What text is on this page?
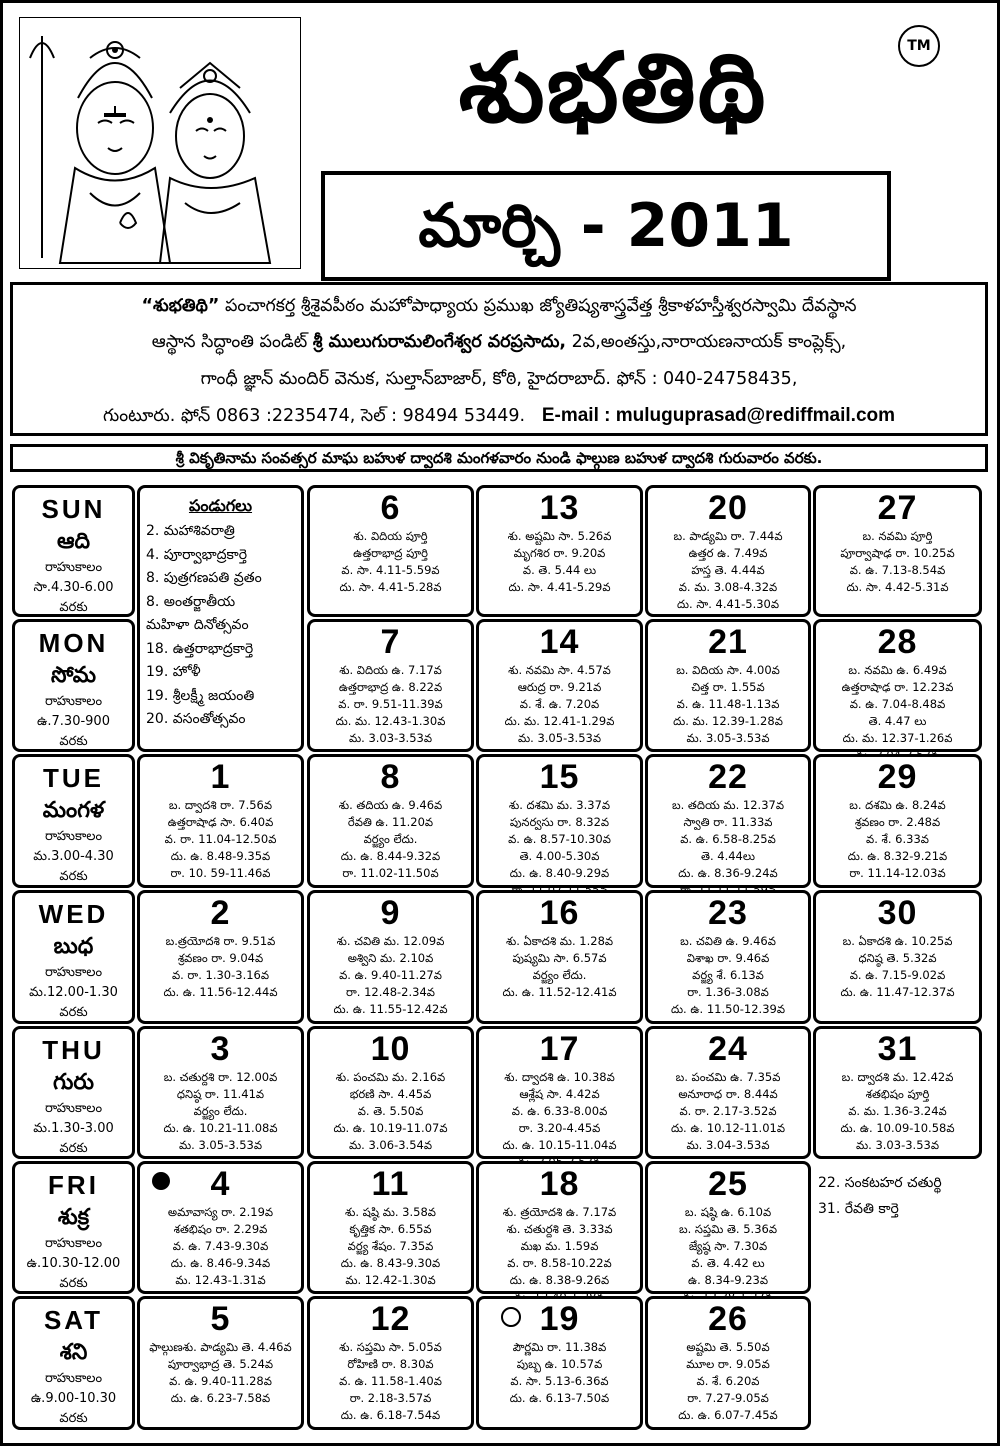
శుభతిథి	TM
మార్చి - 2011
“శుభతిథి” పంచాగకర్త శ్రీశైవపీఠం మహోపాధ్యాయ ప్రముఖ జ్యోతిష్యశాస్త్రవేత్త శ్రీకాళహస్తీశ్వరస్వామి దేవస్థాన
ఆస్థాన సిద్ధాంతి పండిట్ శ్రీ ములుగురామలింగేశ్వర వరప్రసాదు, 2వ,అంతస్తు,నారాయణనాయక్ కాంప్లెక్స్,
గాంధీ జ్ఞాన్ మందిర్ వెనుక, సుల్తాన్‌బాజార్, కోఠి, హైదరాబాద్. ఫోన్ : 040-24758435,
గుంటూరు. ఫోన్ 0863 :2235474, సెల్ : 98494 53449. E-mail : muluguprasad@rediffmail.com
శ్రీ వికృతినామ సంవత్సర మాఘ బహుళ ద్వాదశి మంగళవారం నుండి ఫాల్గుణ బహుళ ద్వాదశి గురువారం వరకు.
SUN
ఆది
రాహుకాలం
సా.4.30-6.00
వరకు
MON
సోమ
రాహుకాలం
ఉ.7.30-900
వరకు
TUE
మంగళ
రాహుకాలం
మ.3.00-4.30
వరకు
WED
బుధ
రాహుకాలం
మ.12.00-1.30
వరకు
THU
గురు
రాహుకాలం
మ.1.30-3.00
వరకు
FRI
శుక్ర
రాహుకాలం
ఉ.10.30-12.00
వరకు
SAT
శని
రాహుకాలం
ఉ.9.00-10.30
వరకు
పండుగలు
2. మహాశివరాత్రి
4. పూర్వాభాద్రకార్తె
8. పుత్రగణపతి వ్రతం
8. అంతర్జాతీయ
మహిళా దినోత్సవం
18. ఉత్తరాభాద్రకార్తె
19. హోళీ
19. శ్రీలక్ష్మీ జయంతి
20. వసంతోత్సవం
22. సంకటహర చతుర్థి
31. రేవతి కార్తె
6
శు. విదియ పూర్తి
ఉత్తరాభాద్ర పూర్తి
వ. సా. 4.11-5.59వ
దు. సా. 4.41-5.28వ
13
శు. అష్టమి సా. 5.26వ
మృగశిర రా. 9.20వ
వ. తె. 5.44 లు
దు. సా. 4.41-5.29వ
20
బ. పాడ్యమి రా. 7.44వ
ఉత్తర ఉ. 7.49వ
హస్త తె. 4.44వ
వ. మ. 3.08-4.32వ
దు. సా. 4.41-5.30వ
27
బ. నవమి పూర్తి
పూర్వాషాఢ రా. 10.25వ
వ. ఉ. 7.13-8.54వ
దు. సా. 4.42-5.31వ
7
శు. విదియ ఉ. 7.17వ
ఉత్తరాభాద్ర ఉ. 8.22వ
వ. రా. 9.51-11.39వ
దు. మ. 12.43-1.30వ
మ. 3.03-3.53వ
14
శు. నవమి సా. 4.57వ
ఆరుద్ర రా. 9.21వ
వ. శే. ఉ. 7.20వ
దు. మ. 12.41-1.29వ
మ. 3.05-3.53వ
21
బ. విదియ సా. 4.00వ
చిత్త రా. 1.55వ
వ. ఉ. 11.48-1.13వ
దు. మ. 12.39-1.28వ
మ. 3.05-3.53వ
28
బ. నవమి ఉ. 6.49వ
ఉత్తరాషాఢ రా. 12.23వ
వ. ఉ. 7.04-8.48వ
తె. 4.47 లు
దు. మ. 12.37-1.26వ
1
బ. ద్వాదశి రా. 7.56వ
ఉత్తరాషాఢ సా. 6.40వ
వ. రా. 11.04-12.50వ
దు. ఉ. 8.48-9.35వ
రా. 10. 59-11.46వ
8
శు. తదియ ఉ. 9.46వ
రేవతి ఉ. 11.20వ
వర్జ్యం లేదు.
దు. ఉ. 8.44-9.32వ
రా. 11.02-11.50వ
15
శు. దశమి మ. 3.37వ
పునర్వసు రా. 8.32వ
వ. ఉ. 8.57-10.30వ
తె. 4.00-5.30వ
దు. ఉ. 8.40-9.29వ
22
బ. తదియ మ. 12.37వ
స్వాతి రా. 11.33వ
వ. ఉ. 6.58-8.25వ
తె. 4.44లు
దు. ఉ. 8.36-9.24వ
29
బ. దశమి ఉ. 8.24వ
శ్రవణం రా. 2.48వ
వ. శే. 6.33వ
దు. ఉ. 8.32-9.21వ
రా. 11.14-12.03వ
2
బ.త్రయోదశి రా. 9.51వ
శ్రవణం రా. 9.04వ
వ. రా. 1.30-3.16వ
దు. ఉ. 11.56-12.44వ
9
శు. చవితి మ. 12.09వ
అశ్విని మ. 2.10వ
వ. ఉ. 9.40-11.27వ
రా. 12.48-2.34వ
దు. ఉ. 11.55-12.42వ
16
శు. ఏకాదశి మ. 1.28వ
పుష్యమి సా. 6.57వ
వర్జ్యం లేదు.
దు. ఉ. 11.52-12.41వ
23
బ. చవితి ఉ. 9.46వ
విశాఖ రా. 9.46వ
వర్జ్య శే. 6.13వ
రా. 1.36-3.08వ
దు. ఉ. 11.50-12.39వ
30
బ. ఏకాదశి ఉ. 10.25వ
ధనిష్ఠ తె. 5.32వ
వ. ఉ. 7.15-9.02వ
దు. ఉ. 11.47-12.37వ
3
బ. చతుర్దశి రా. 12.00వ
ధనిష్ఠ రా. 11.41వ
వర్జ్యం లేదు.
దు. ఉ. 10.21-11.08వ
మ. 3.05-3.53వ
10
శు. పంచమి మ. 2.16వ
భరణి సా. 4.45వ
వ. తె. 5.50వ
దు. ఉ. 10.19-11.07వ
మ. 3.06-3.54వ
17
శు. ద్వాదశి ఉ. 10.38వ
ఆశ్లేష సా. 4.42వ
వ. ఉ. 6.33-8.00వ
రా. 3.20-4.45వ
దు. ఉ. 10.15-11.04వ
24
బ. పంచమి ఉ. 7.35వ
అనూరాధ రా. 8.44వ
వ. రా. 2.17-3.52వ
దు. ఉ. 10.12-11.01వ
మ. 3.04-3.53వ
31
బ. ద్వాదశి మ. 12.42వ
శతభిషం పూర్తి
వ. మ. 1.36-3.24వ
దు. ఉ. 10.09-10.58వ
మ. 3.03-3.53వ
4
అమావాస్య రా. 2.19వ
శతభిషం రా. 2.29వ
వ. ఉ. 7.43-9.30వ
దు. ఉ. 8.46-9.34వ
మ. 12.43-1.31వ
11
శు. షష్ఠి మ. 3.58వ
కృత్తిక సా. 6.55వ
వర్జ్య శేషం. 7.35వ
దు. ఉ. 8.43-9.30వ
మ. 12.42-1.30వ
18
శు. త్రయోదశి ఉ. 7.17వ
శు. చతుర్దశి తె. 3.33వ
మఖ మ. 1.59వ
వ. రా. 8.58-10.22వ
దు. ఉ. 8.38-9.26వ
25
బ. షష్ఠి ఉ. 6.10వ
బ. సప్తమి తె. 5.36వ
జ్యేష్ఠ సా. 7.30వ
వ. తె. 4.42 లు
ఉ. 8.34-9.23వ
5
ఫాల్గుణశు. పాడ్యమి తె. 4.46వ
పూర్వాభాద్ర తె. 5.24వ
వ. ఉ. 9.40-11.28వ
దు. ఉ. 6.23-7.58వ
12
శు. సప్తమి సా. 5.05వ
రోహిణి రా. 8.30వ
వ. ఉ. 11.58-1.40వ
రా. 2.18-3.57వ
దు. ఉ. 6.18-7.54వ
19
పౌర్ణమి రా. 11.38వ
పుబ్బ ఉ. 10.57వ
వ. సా. 5.13-6.36వ
దు. ఉ. 6.13-7.50వ
26
అష్టమి తె. 5.50వ
మూల రా. 9.05వ
వ. శే. 6.20వ
రా. 7.27-9.05వ
దు. ఉ. 6.07-7.45వ
